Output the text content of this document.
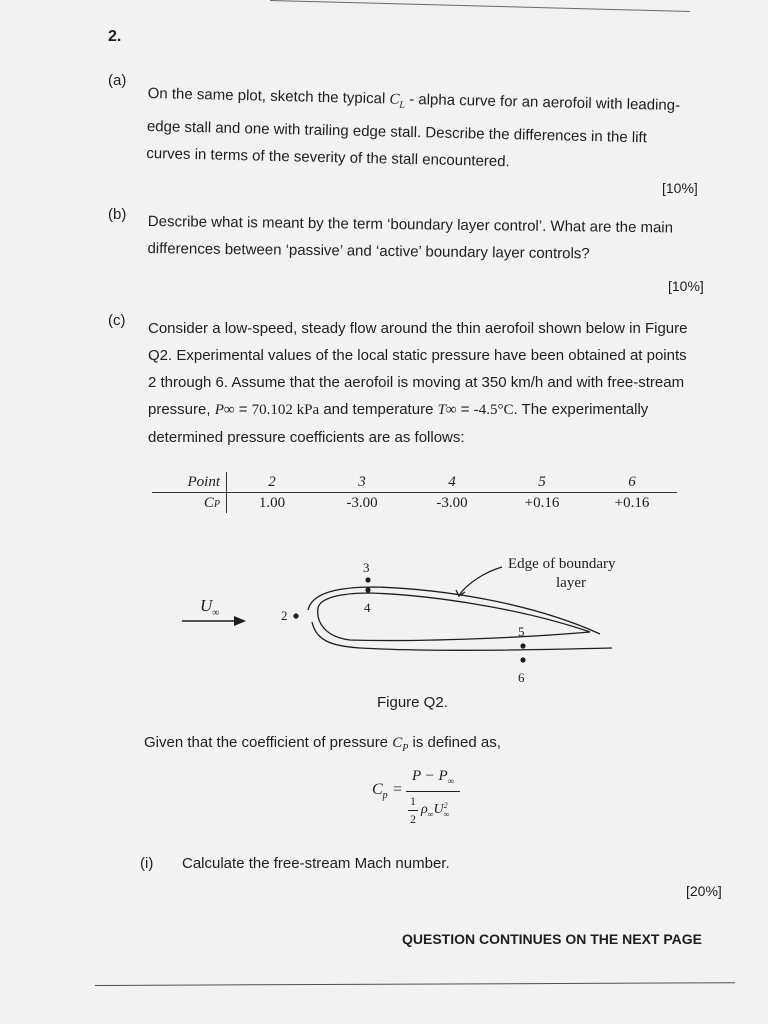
2.
(a)
On the same plot, sketch the typical $C_L$ - alpha curve for an aerofoil with leading-
edge stall and one with trailing edge stall. Describe the differences in the lift
curves in terms of the severity of the stall encountered.
[10%]
(b) Describe what is meant by the term ‘boundary layer control’. What are the main
differences between ‘passive’ and ‘active’ boundary layer controls?
[10%]
(c) Consider a low-speed, steady flow around the thin aerofoil shown below in Figure
Q2. Experimental values of the local static pressure have been obtained at points
2 through 6. Assume that the aerofoil is moving at 350 km/h and with free-stream
pressure, P∞ = 70.102 kPa and temperature T∞ = -4.5°C. The experimentally
determined pressure coefficients are as follows:
Point	2	3	4	5	6
CP	1.00	-3.00	-3.00	+0.16	+0.16
$U_\infty$	2
3
4
5
6
Edge of boundary
layer
Figure Q2.
Given that the coefficient of pressure $C_P$ is defined as,
$C_p$ =
$P - P_\infty$
1
2
$\rho_\infty U$ 2
∞
(i) Calculate the free-stream Mach number.
[20%]
QUESTION CONTINUES ON THE NEXT PAGE
